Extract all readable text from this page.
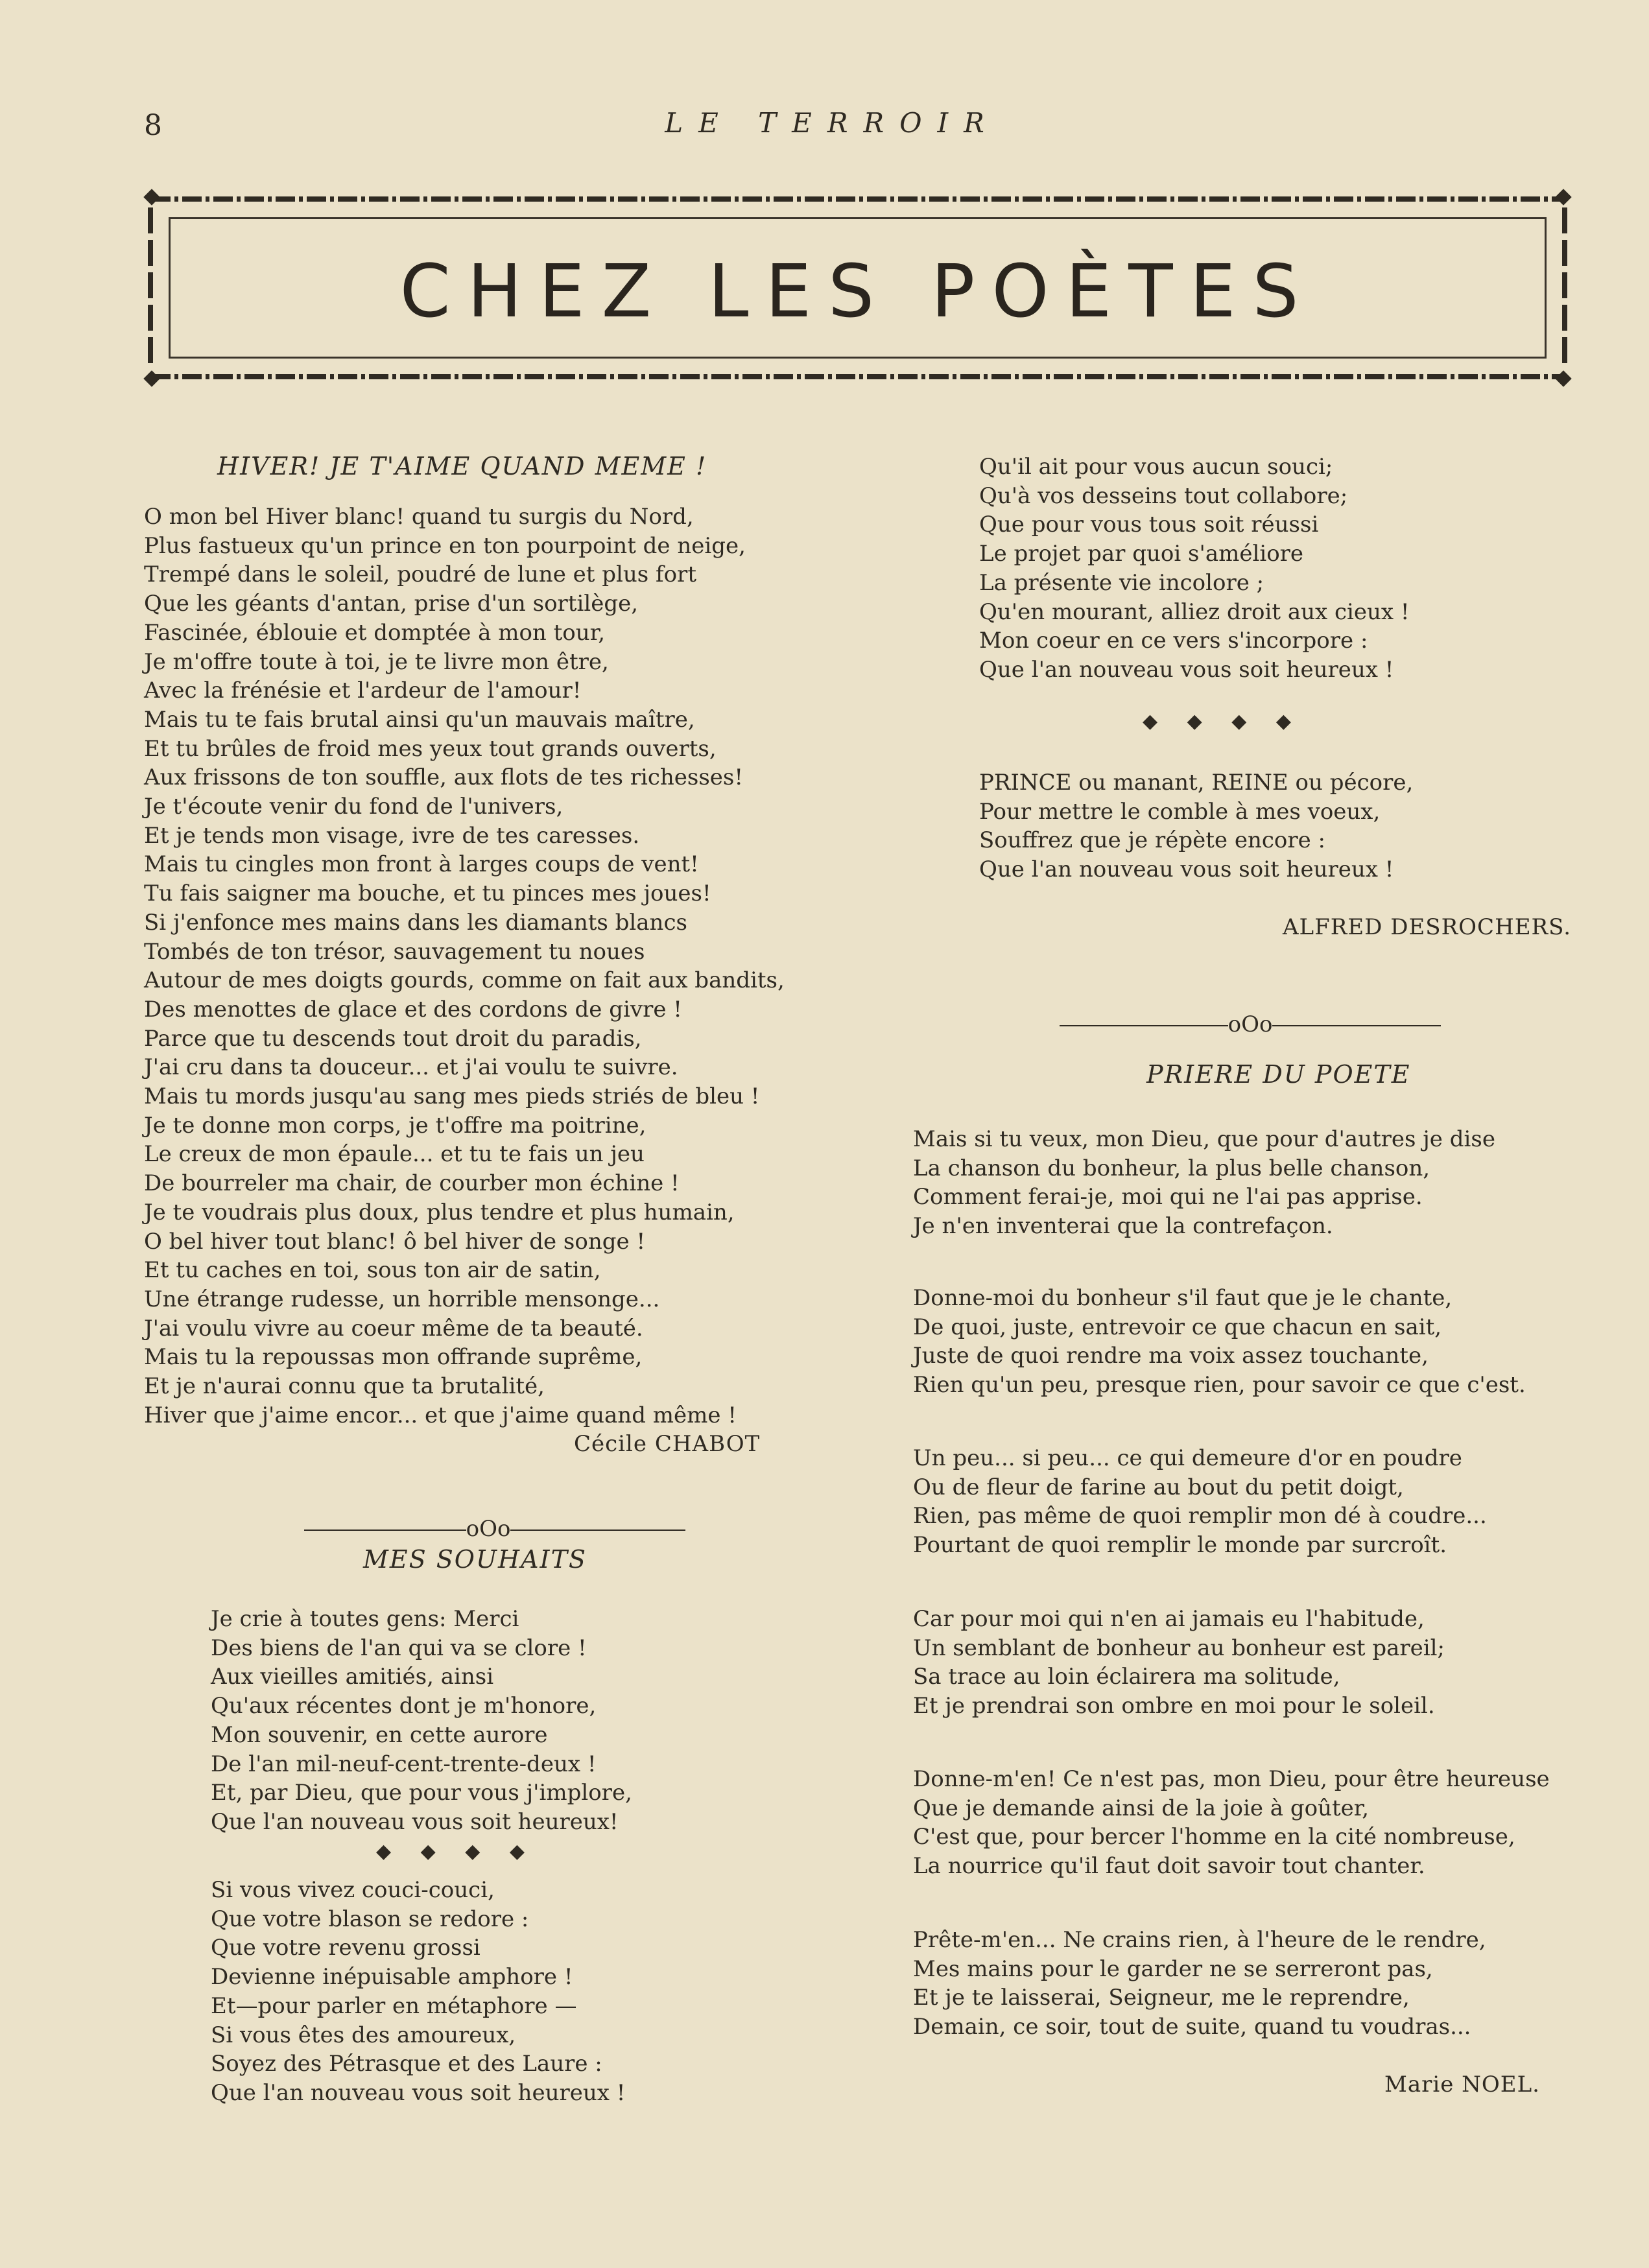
8	LE TERROIR
CHEZ LES POÈTES
HIVER! JE T'AIME QUAND MEME !
O mon bel Hiver blanc! quand tu surgis du Nord,
Plus fastueux qu'un prince en ton pourpoint de neige,
Trempé dans le soleil, poudré de lune et plus fort
Que les géants d'antan, prise d'un sortilège,
Fascinée, éblouie et domptée à mon tour,
Je m'offre toute à toi, je te livre mon être,
Avec la frénésie et l'ardeur de l'amour!
Mais tu te fais brutal ainsi qu'un mauvais maître,
Et tu brûles de froid mes yeux tout grands ouverts,
Aux frissons de ton souffle, aux flots de tes richesses!
Je t'écoute venir du fond de l'univers,
Et je tends mon visage, ivre de tes caresses.
Mais tu cingles mon front à larges coups de vent!
Tu fais saigner ma bouche, et tu pinces mes joues!
Si j'enfonce mes mains dans les diamants blancs
Tombés de ton trésor, sauvagement tu noues
Autour de mes doigts gourds, comme on fait aux bandits,
Des menottes de glace et des cordons de givre !
Parce que tu descends tout droit du paradis,
J'ai cru dans ta douceur... et j'ai voulu te suivre.
Mais tu mords jusqu'au sang mes pieds striés de bleu !
Je te donne mon corps, je t'offre ma poitrine,
Le creux de mon épaule... et tu te fais un jeu
De bourreler ma chair, de courber mon échine !
Je te voudrais plus doux, plus tendre et plus humain,
O bel hiver tout blanc! ô bel hiver de songe !
Et tu caches en toi, sous ton air de satin,
Une étrange rudesse, un horrible mensonge...
J'ai voulu vivre au coeur même de ta beauté.
Mais tu la repoussas mon offrande suprême,
Et je n'aurai connu que ta brutalité,
Hiver que j'aime encor... et que j'aime quand même !
Cécile CHABOT

oOo

MES SOUHAITS
Je crie à toutes gens: Merci
Des biens de l'an qui va se clore !
Aux vieilles amitiés, ainsi
Qu'aux récentes dont je m'honore,
Mon souvenir, en cette aurore
De l'an mil-neuf-cent-trente-deux !
Et, par Dieu, que pour vous j'implore,
Que l'an nouveau vous soit heureux!
◆ ◆ ◆ ◆
Si vous vivez couci-couci,
Que votre blason se redore :
Que votre revenu grossi
Devienne inépuisable amphore !
Et—pour parler en métaphore —
Si vous êtes des amoureux,
Soyez des Pétrasque et des Laure :
Que l'an nouveau vous soit heureux !
Qu'il ait pour vous aucun souci;
Qu'à vos desseins tout collabore;
Que pour vous tous soit réussi
Le projet par quoi s'améliore
La présente vie incolore ;
Qu'en mourant, alliez droit aux cieux !
Mon coeur en ce vers s'incorpore :
Que l'an nouveau vous soit heureux !
◆ ◆ ◆ ◆
PRINCE ou manant, REINE ou pécore,
Pour mettre le comble à mes voeux,
Souffrez que je répète encore :
Que l'an nouveau vous soit heureux !
ALFRED DESROCHERS.

oOo

PRIERE DU POETE
Mais si tu veux, mon Dieu, que pour d'autres je dise
La chanson du bonheur, la plus belle chanson,
Comment ferai-je, moi qui ne l'ai pas apprise.
Je n'en inventerai que la contrefaçon.
Donne-moi du bonheur s'il faut que je le chante,
De quoi, juste, entrevoir ce que chacun en sait,
Juste de quoi rendre ma voix assez touchante,
Rien qu'un peu, presque rien, pour savoir ce que c'est.
Un peu... si peu... ce qui demeure d'or en poudre
Ou de fleur de farine au bout du petit doigt,
Rien, pas même de quoi remplir mon dé à coudre...
Pourtant de quoi remplir le monde par surcroît.
Car pour moi qui n'en ai jamais eu l'habitude,
Un semblant de bonheur au bonheur est pareil;
Sa trace au loin éclairera ma solitude,
Et je prendrai son ombre en moi pour le soleil.
Donne-m'en! Ce n'est pas, mon Dieu, pour être heureuse
Que je demande ainsi de la joie à goûter,
C'est que, pour bercer l'homme en la cité nombreuse,
La nourrice qu'il faut doit savoir tout chanter.
Prête-m'en... Ne crains rien, à l'heure de le rendre,
Mes mains pour le garder ne se serreront pas,
Et je te laisserai, Seigneur, me le reprendre,
Demain, ce soir, tout de suite, quand tu voudras...
Marie NOEL.
